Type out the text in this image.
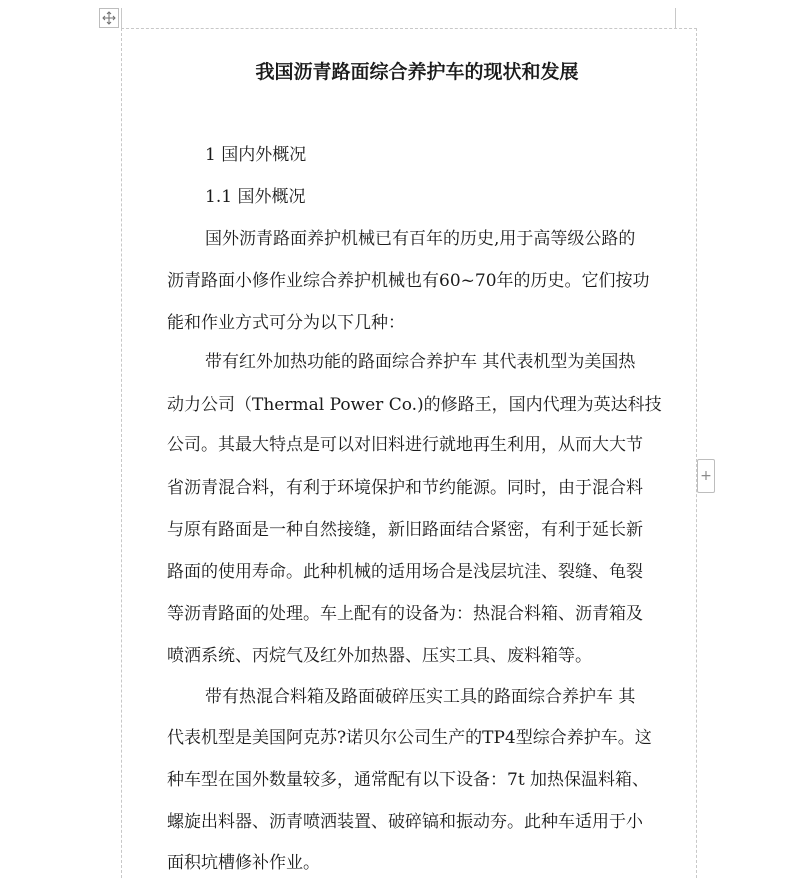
+
我国沥青路面综合养护车的现状和发展
1 国内外概况
1.1 国外概况
国外沥青路面养护机械已有百年的历史,用于高等级公路的
沥青路面小修作业综合养护机械也有60~70年的历史。它们按功
能和作业方式可分为以下几种：
带有红外加热功能的路面综合养护车 其代表机型为美国热
动力公司（Thermal Power Co.)的修路王，国内代理为英达科技
公司。其最大特点是可以对旧料进行就地再生利用，从而大大节
省沥青混合料，有利于环境保护和节约能源。同时，由于混合料
与原有路面是一种自然接缝，新旧路面结合紧密，有利于延长新
路面的使用寿命。此种机械的适用场合是浅层坑洼、裂缝、龟裂
等沥青路面的处理。车上配有的设备为：热混合料箱、沥青箱及
喷洒系统、丙烷气及红外加热器、压实工具、废料箱等。
带有热混合料箱及路面破碎压实工具的路面综合养护车 其
代表机型是美国阿克苏?诺贝尔公司生产的TP4型综合养护车。这
种车型在国外数量较多，通常配有以下设备：7t 加热保温料箱、
螺旋出料器、沥青喷洒装置、破碎镐和振动夯。此种车适用于小
面积坑槽修补作业。
